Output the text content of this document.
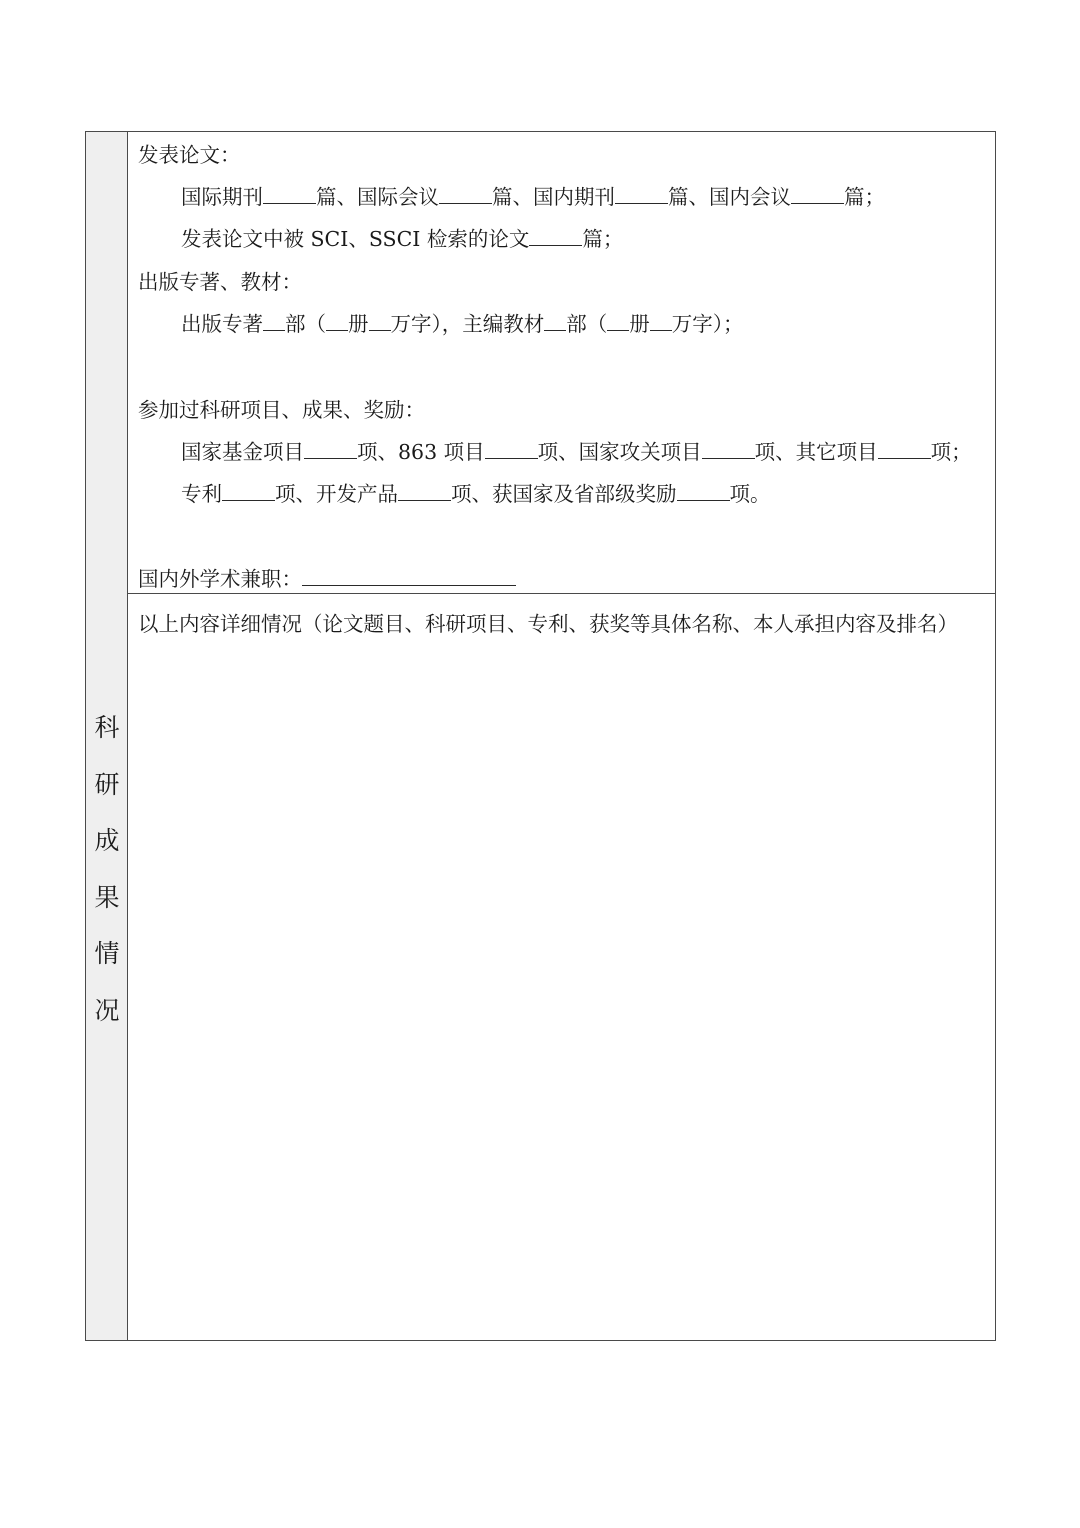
科
研
成
果
情
况
发表论文：
国际期刊	篇、国际会议	篇、国内期刊	篇、国内会议	篇；
发表论文中被 SCI、SSCI 检索的论文	篇；
出版专著、教材：
出版专著 部（ 册 万字），主编教材 部（ 册 万字）；
参加过科研项目、成果、奖励：
国家基金项目	项、863 项目	项、国家攻关项目	项、其它项目	项；
专利	项、开发产品	项、获国家及省部级奖励	项。
国内外学术兼职：
以上内容详细情况（论文题目、科研项目、专利、获奖等具体名称、本人承担内容及排名）
